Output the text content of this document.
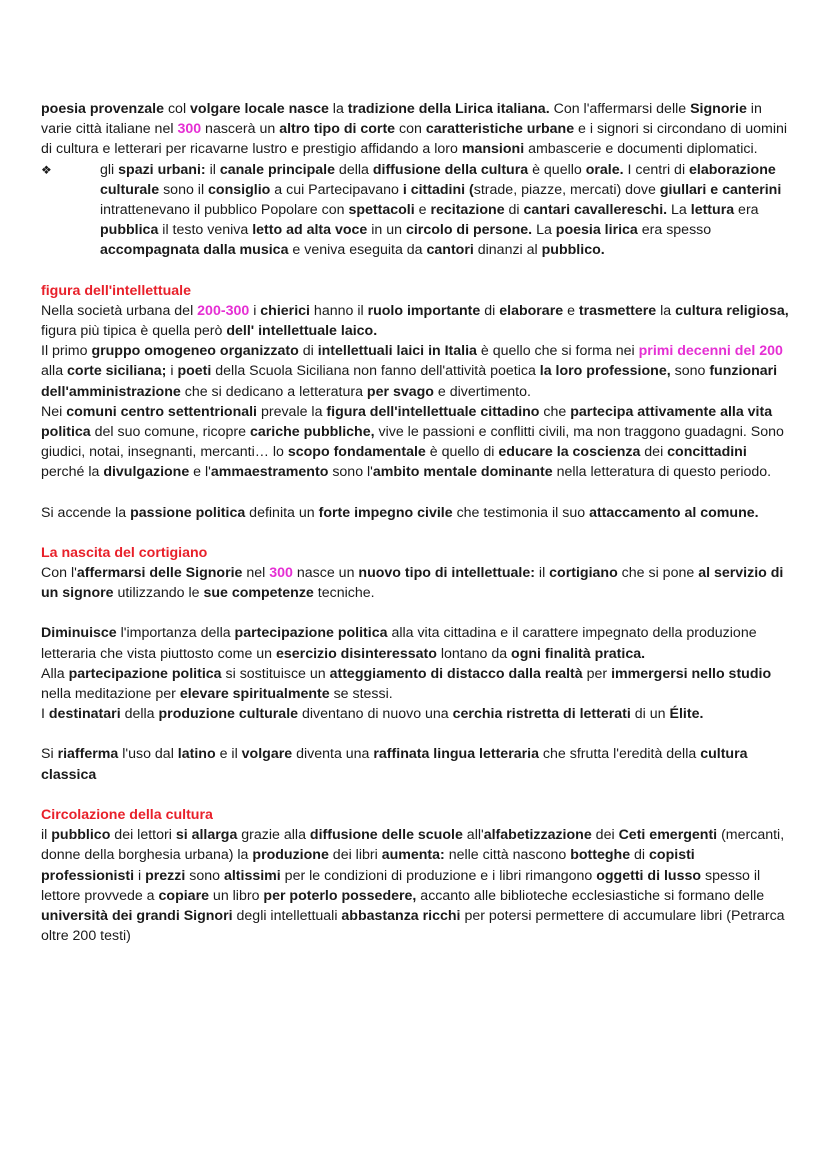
poesia provenzale col volgare locale nasce la tradizione della Lirica italiana. Con l'affermarsi delle Signorie in varie città italiane nel 300 nascerà un altro tipo di corte con caratteristiche urbane e i signori si circondano di uomini di cultura e letterari per ricavarne lustro e prestigio affidando a loro mansioni ambascerie e documenti diplomatici.

❖	gli spazi urbani: il canale principale della diffusione della cultura è quello orale. I centri di elaborazione culturale sono il consiglio a cui Partecipavano i cittadini (strade, piazze, mercati) dove giullari e canterini intrattenevano il pubblico Popolare con spettacoli e recitazione di cantari cavallereschi. La lettura era pubblica il testo veniva letto ad alta voce in un circolo di persone. La poesia lirica era spesso accompagnata dalla musica e veniva eseguita da cantori dinanzi al pubblico.

figura dell'intellettuale

Nella società urbana del 200-300 i chierici hanno il ruolo importante di elaborare e trasmettere la cultura religiosa, figura più tipica è quella però dell' intellettuale laico.

Il primo gruppo omogeneo organizzato di intellettuali laici in Italia è quello che si forma nei primi decenni del 200 alla corte siciliana; i poeti della Scuola Siciliana non fanno dell'attività poetica la loro professione, sono funzionari dell'amministrazione che si dedicano a letteratura per svago e divertimento.

Nei comuni centro settentrionali prevale la figura dell'intellettuale cittadino che partecipa attivamente alla vita politica del suo comune, ricopre cariche pubbliche, vive le passioni e conflitti civili, ma non traggono guadagni. Sono giudici, notai, insegnanti, mercanti… lo scopo fondamentale è quello di educare la coscienza dei concittadini perché la divulgazione e l'ammaestramento sono l'ambito mentale dominante nella letteratura di questo periodo.

Si accende la passione politica definita un forte impegno civile che testimonia il suo attaccamento al comune.

La nascita del cortigiano

Con l'affermarsi delle Signorie nel 300 nasce un nuovo tipo di intellettuale: il cortigiano che si pone al servizio di un signore utilizzando le sue competenze tecniche.

Diminuisce l'importanza della partecipazione politica alla vita cittadina e il carattere impegnato della produzione letteraria che vista piuttosto come un esercizio disinteressato lontano da ogni finalità pratica.

Alla partecipazione politica si sostituisce un atteggiamento di distacco dalla realtà per immergersi nello studio nella meditazione per elevare spiritualmente se stessi.

I destinatari della produzione culturale diventano di nuovo una cerchia ristretta di letterati di un Élite.

Si riafferma l'uso dal latino e il volgare diventa una raffinata lingua letteraria che sfrutta l'eredità della cultura classica

Circolazione della cultura

il pubblico dei lettori si allarga grazie alla diffusione delle scuole all'alfabetizzazione dei Ceti emergenti (mercanti, donne della borghesia urbana) la produzione dei libri aumenta: nelle città nascono botteghe di copisti professionisti i prezzi sono altissimi per le condizioni di produzione e i libri rimangono oggetti di lusso spesso il lettore provvede a copiare un libro per poterlo possedere, accanto alle biblioteche ecclesiastiche si formano delle università dei grandi Signori degli intellettuali abbastanza ricchi per potersi permettere di accumulare libri (Petrarca oltre 200 testi)
